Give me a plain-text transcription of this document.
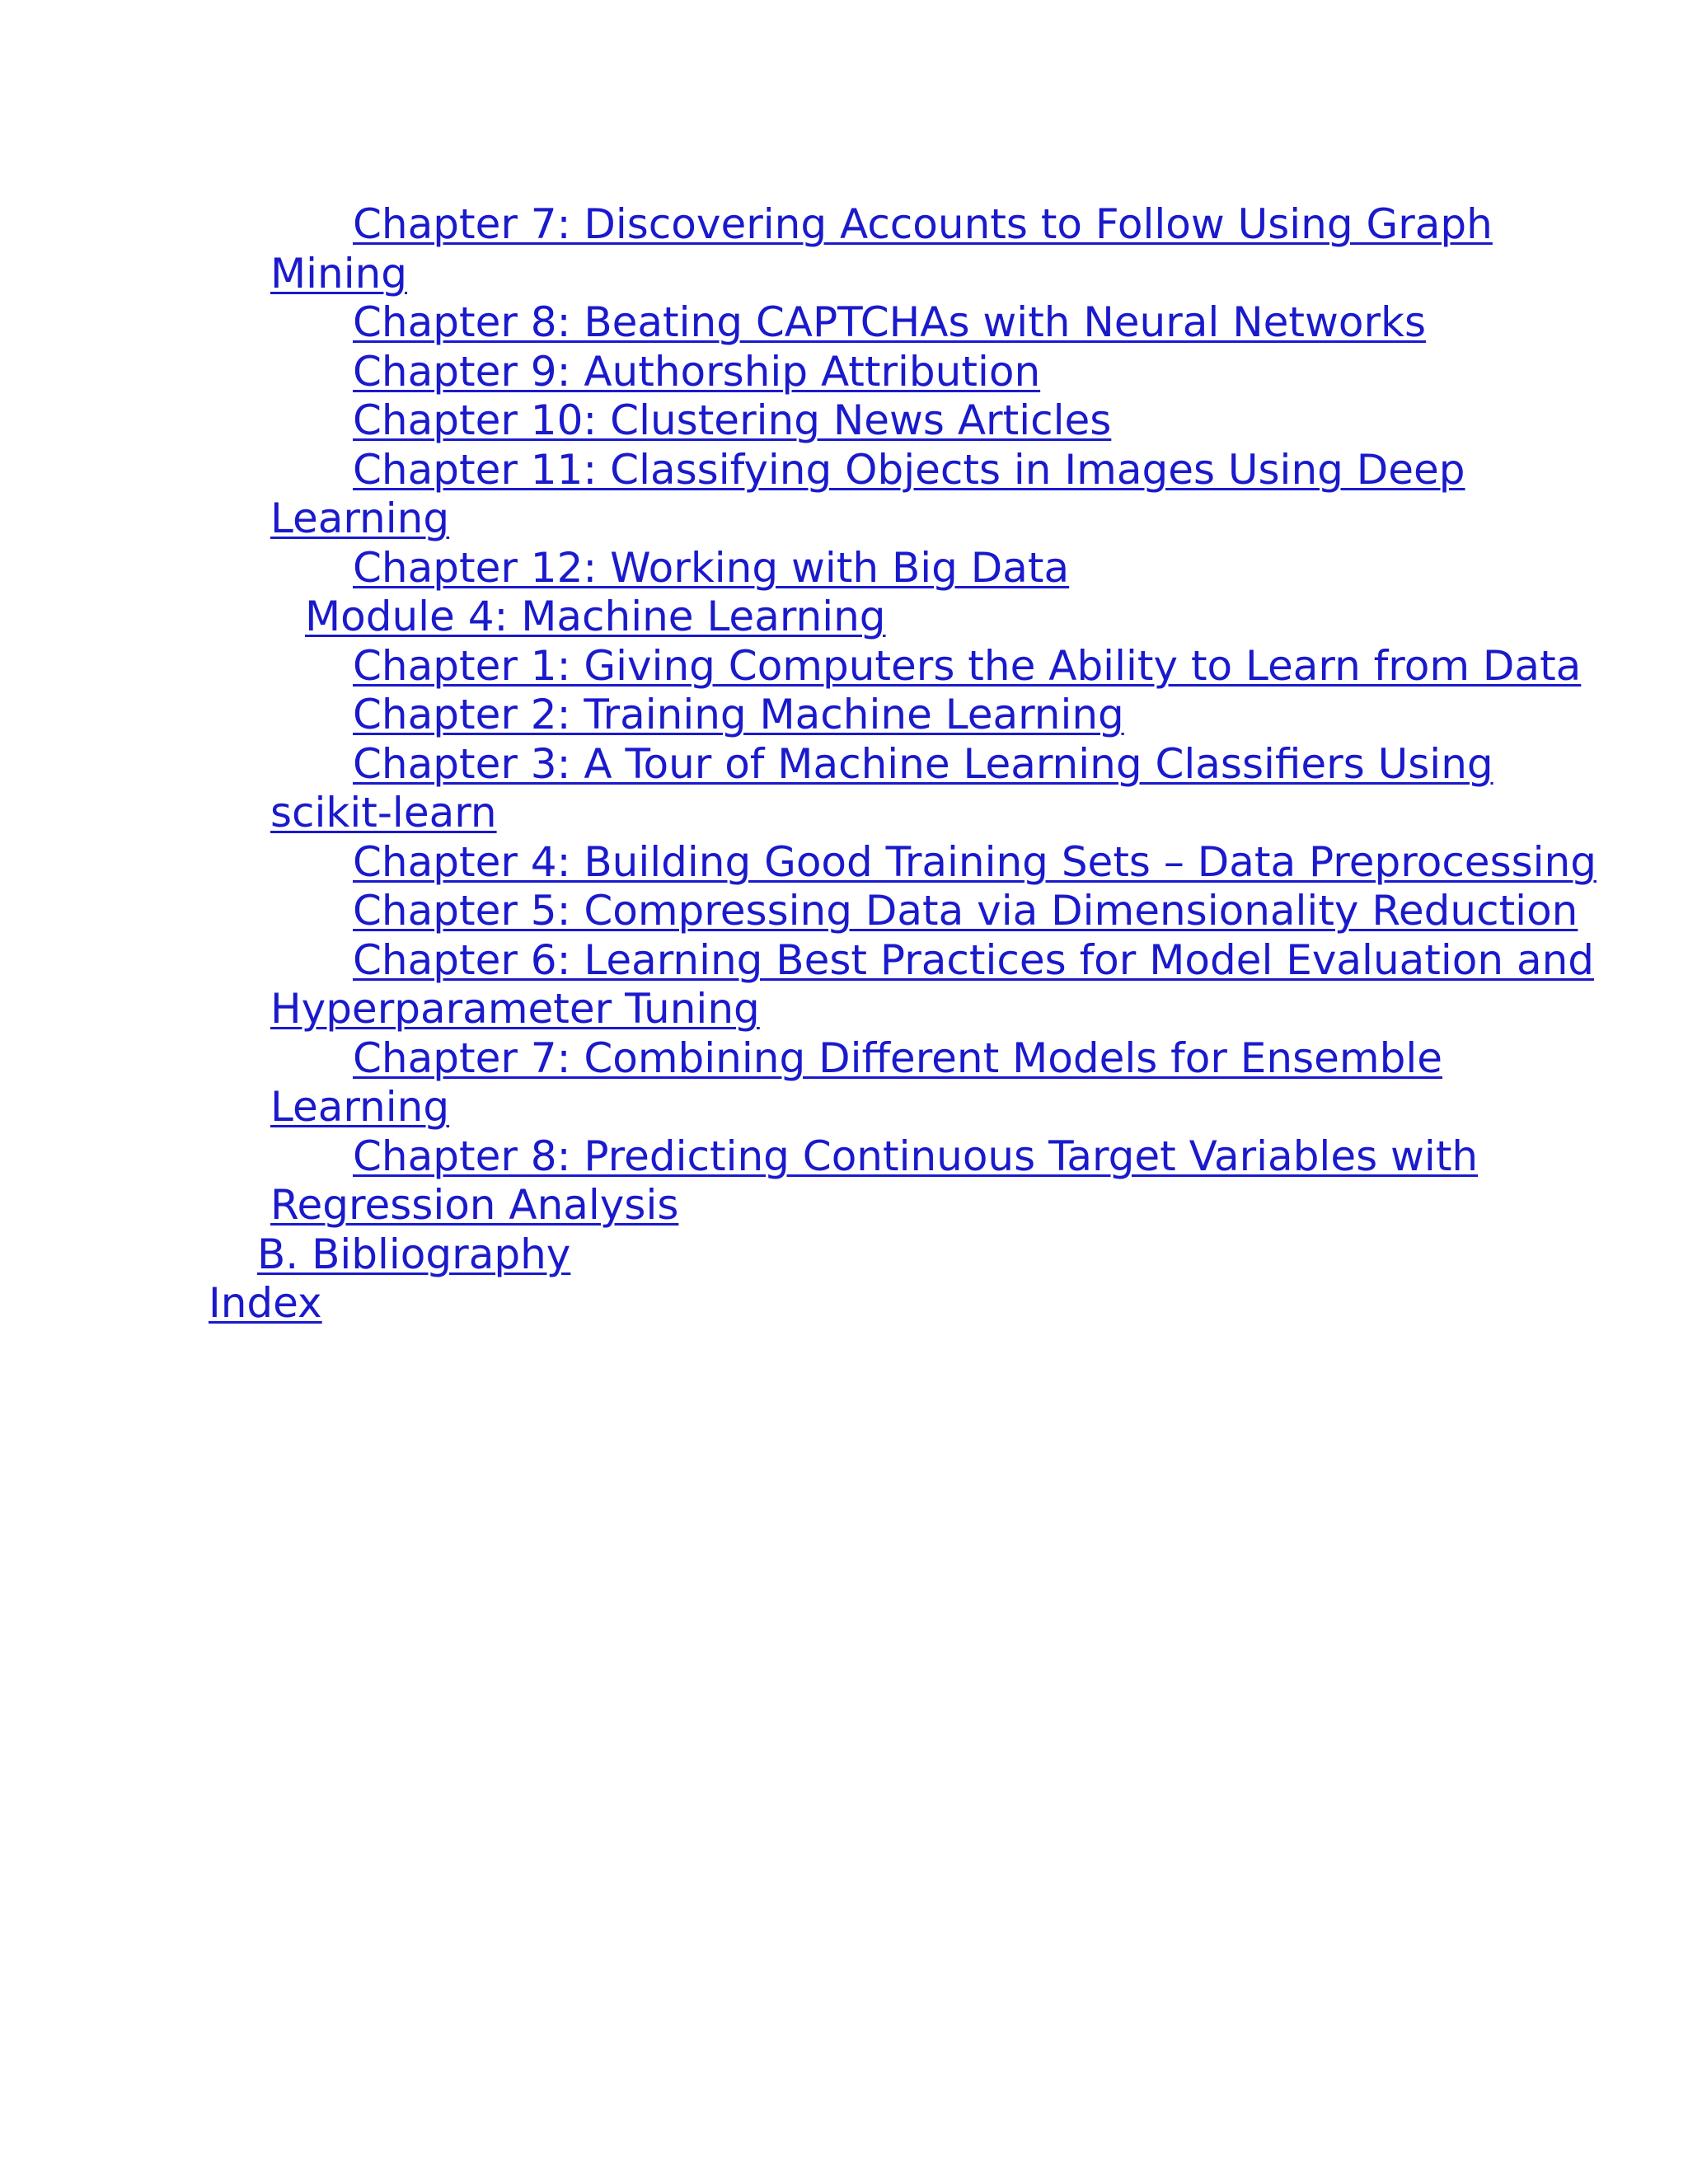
Chapter 7: Discovering Accounts to Follow Using Graph
Mining
Chapter 8: Beating CAPTCHAs with Neural Networks
Chapter 9: Authorship Attribution
Chapter 10: Clustering News Articles
Chapter 11: Classifying Objects in Images Using Deep
Learning
Chapter 12: Working with Big Data
Module 4: Machine Learning
Chapter 1: Giving Computers the Ability to Learn from Data
Chapter 2: Training Machine Learning
Chapter 3: A Tour of Machine Learning Classifiers Using
scikit-learn
Chapter 4: Building Good Training Sets – Data Preprocessing
Chapter 5: Compressing Data via Dimensionality Reduction
Chapter 6: Learning Best Practices for Model Evaluation and
Hyperparameter Tuning
Chapter 7: Combining Different Models for Ensemble
Learning
Chapter 8: Predicting Continuous Target Variables with
Regression Analysis
B. Bibliography
Index
